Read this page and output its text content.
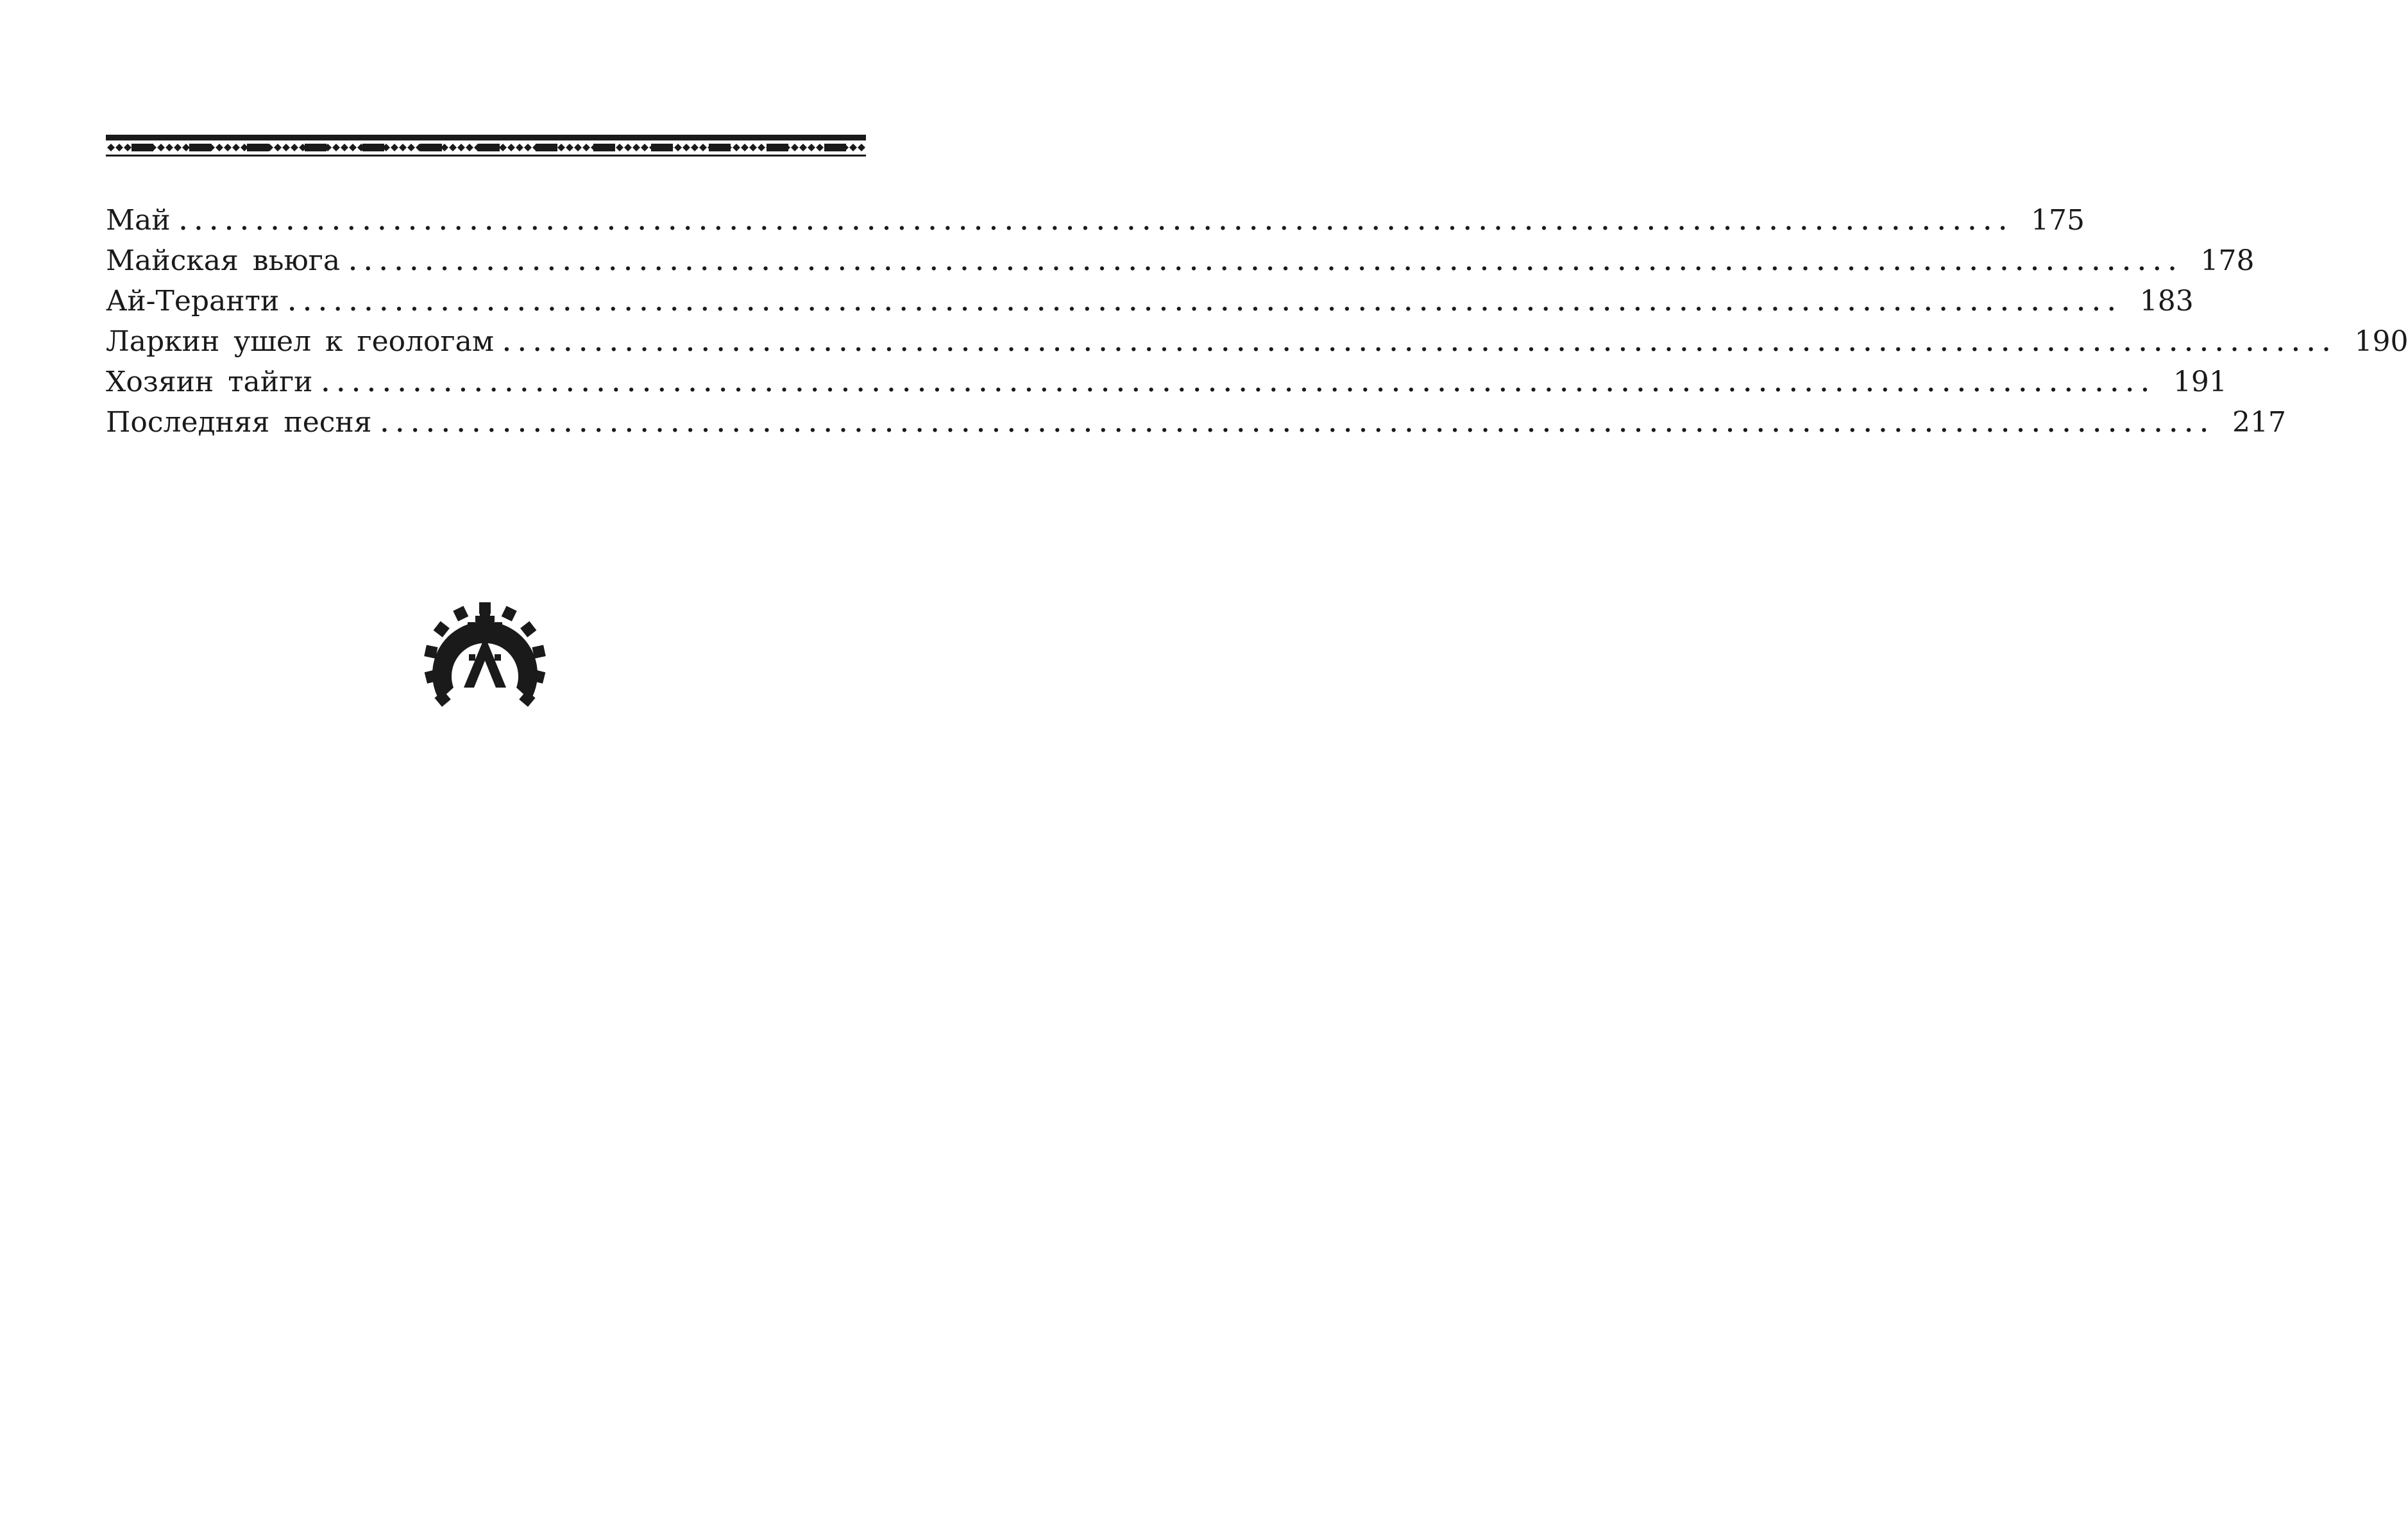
Май ........................................................................................................................ 175
Майская вьюга ........................................................................................................................ 178
Ай-Теранти ........................................................................................................................ 183
Ларкин ушел к геологам ........................................................................................................................ 190
Хозяин тайги ........................................................................................................................ 191
Последняя песня ........................................................................................................................ 217
